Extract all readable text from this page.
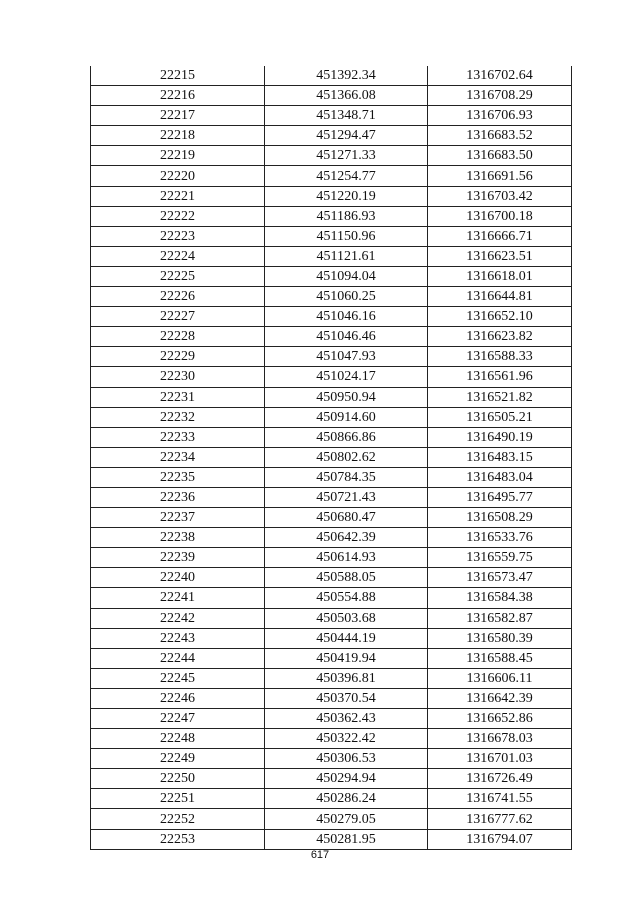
22215	451392.34	1316702.64
22216	451366.08	1316708.29
22217	451348.71	1316706.93
22218	451294.47	1316683.52
22219	451271.33	1316683.50
22220	451254.77	1316691.56
22221	451220.19	1316703.42
22222	451186.93	1316700.18
22223	451150.96	1316666.71
22224	451121.61	1316623.51
22225	451094.04	1316618.01
22226	451060.25	1316644.81
22227	451046.16	1316652.10
22228	451046.46	1316623.82
22229	451047.93	1316588.33
22230	451024.17	1316561.96
22231	450950.94	1316521.82
22232	450914.60	1316505.21
22233	450866.86	1316490.19
22234	450802.62	1316483.15
22235	450784.35	1316483.04
22236	450721.43	1316495.77
22237	450680.47	1316508.29
22238	450642.39	1316533.76
22239	450614.93	1316559.75
22240	450588.05	1316573.47
22241	450554.88	1316584.38
22242	450503.68	1316582.87
22243	450444.19	1316580.39
22244	450419.94	1316588.45
22245	450396.81	1316606.11
22246	450370.54	1316642.39
22247	450362.43	1316652.86
22248	450322.42	1316678.03
22249	450306.53	1316701.03
22250	450294.94	1316726.49
22251	450286.24	1316741.55
22252	450279.05	1316777.62
22253	450281.95	1316794.07
617
